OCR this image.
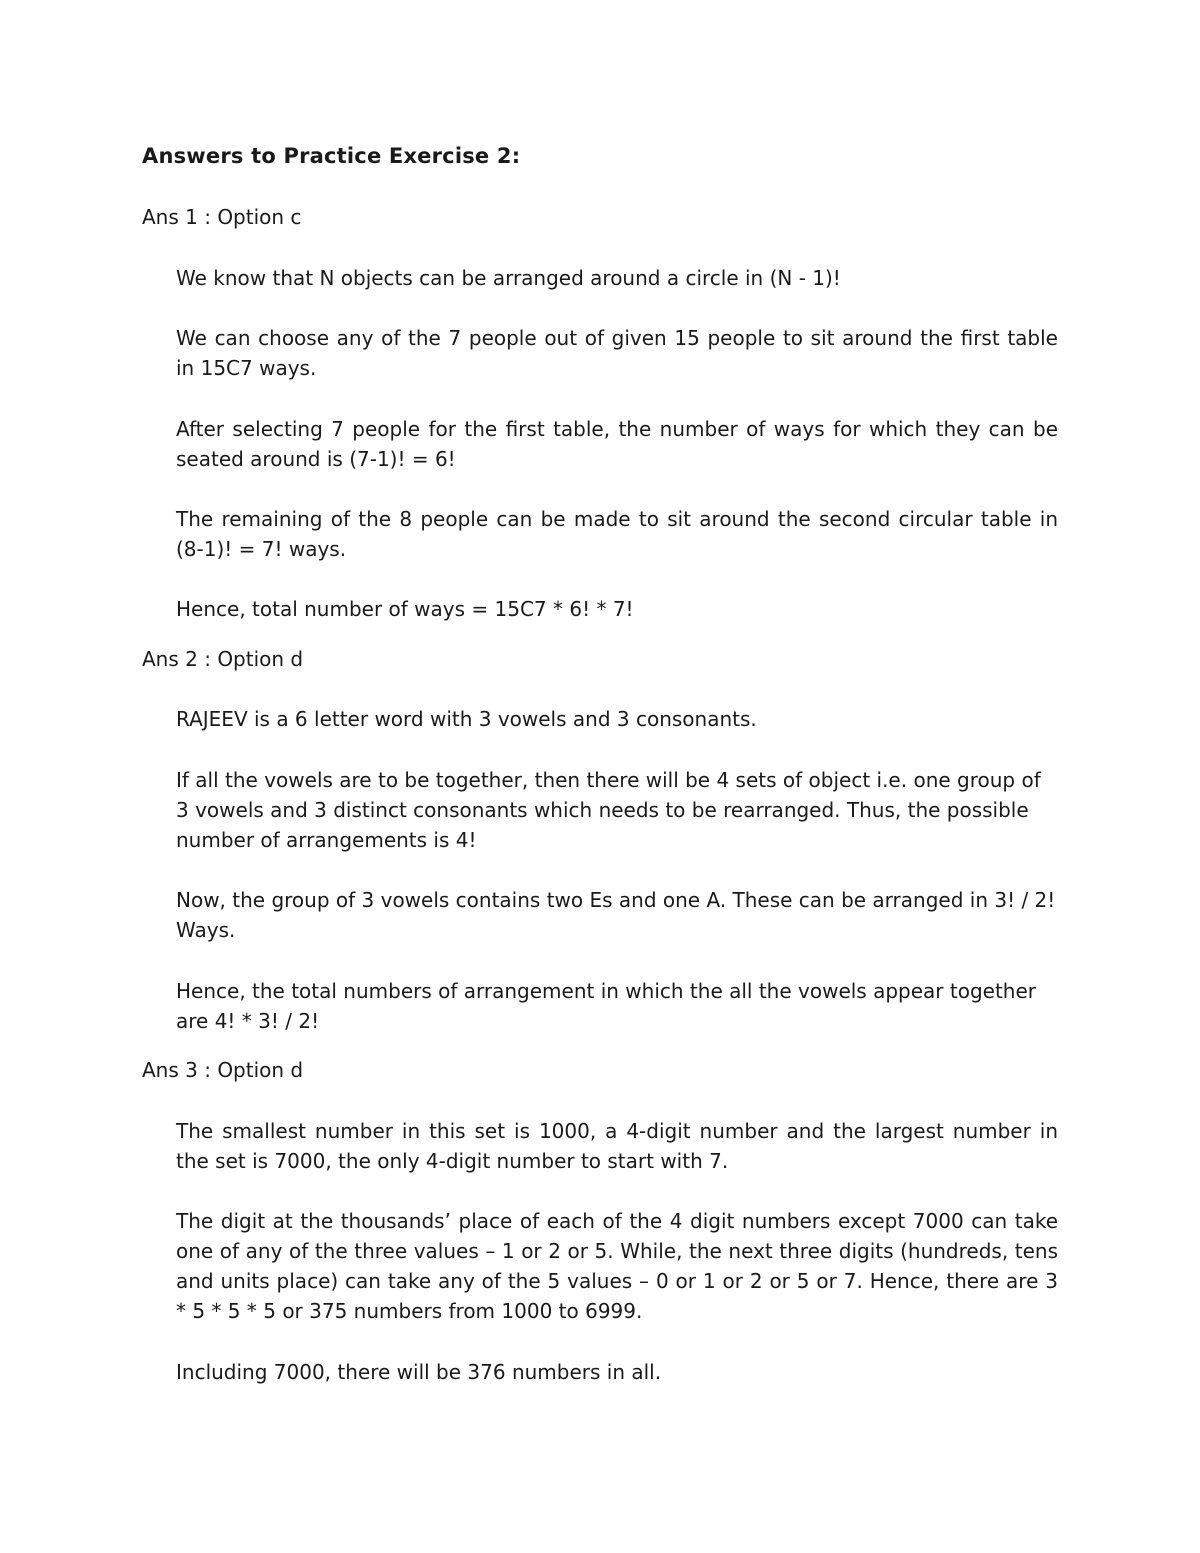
Answers to Practice Exercise 2:
Ans 1 : Option c

We know that N objects can be arranged around a circle in (N - 1)!

We can choose any of the 7 people out of given 15 people to sit around the first table in 15C7 ways.

After selecting 7 people for the first table, the number of ways for which they can be seated around is (7-1)! = 6!

The remaining of the 8 people can be made to sit around the second circular table in (8-1)! = 7! ways.

Hence, total number of ways = 15C7 * 6! * 7!

Ans 2 : Option d

RAJEEV is a 6 letter word with 3 vowels and 3 consonants.

If all the vowels are to be together, then there will be 4 sets of object i.e. one group of 3 vowels and 3 distinct consonants which needs to be rearranged. Thus, the possible number of arrangements is 4!

Now, the group of 3 vowels contains two Es and one A. These can be arranged in 3! / 2! Ways.

Hence, the total numbers of arrangement in which the all the vowels appear together are 4! * 3! / 2!

Ans 3 : Option d

The smallest number in this set is 1000, a 4-digit number and the largest number in the set is 7000, the only 4-digit number to start with 7.

The digit at the thousands’ place of each of the 4 digit numbers except 7000 can take one of any of the three values – 1 or 2 or 5. While, the next three digits (hundreds, tens and units place) can take any of the 5 values – 0 or 1 or 2 or 5 or 7. Hence, there are 3 * 5 * 5 * 5 or 375 numbers from 1000 to 6999.

Including 7000, there will be 376 numbers in all.
